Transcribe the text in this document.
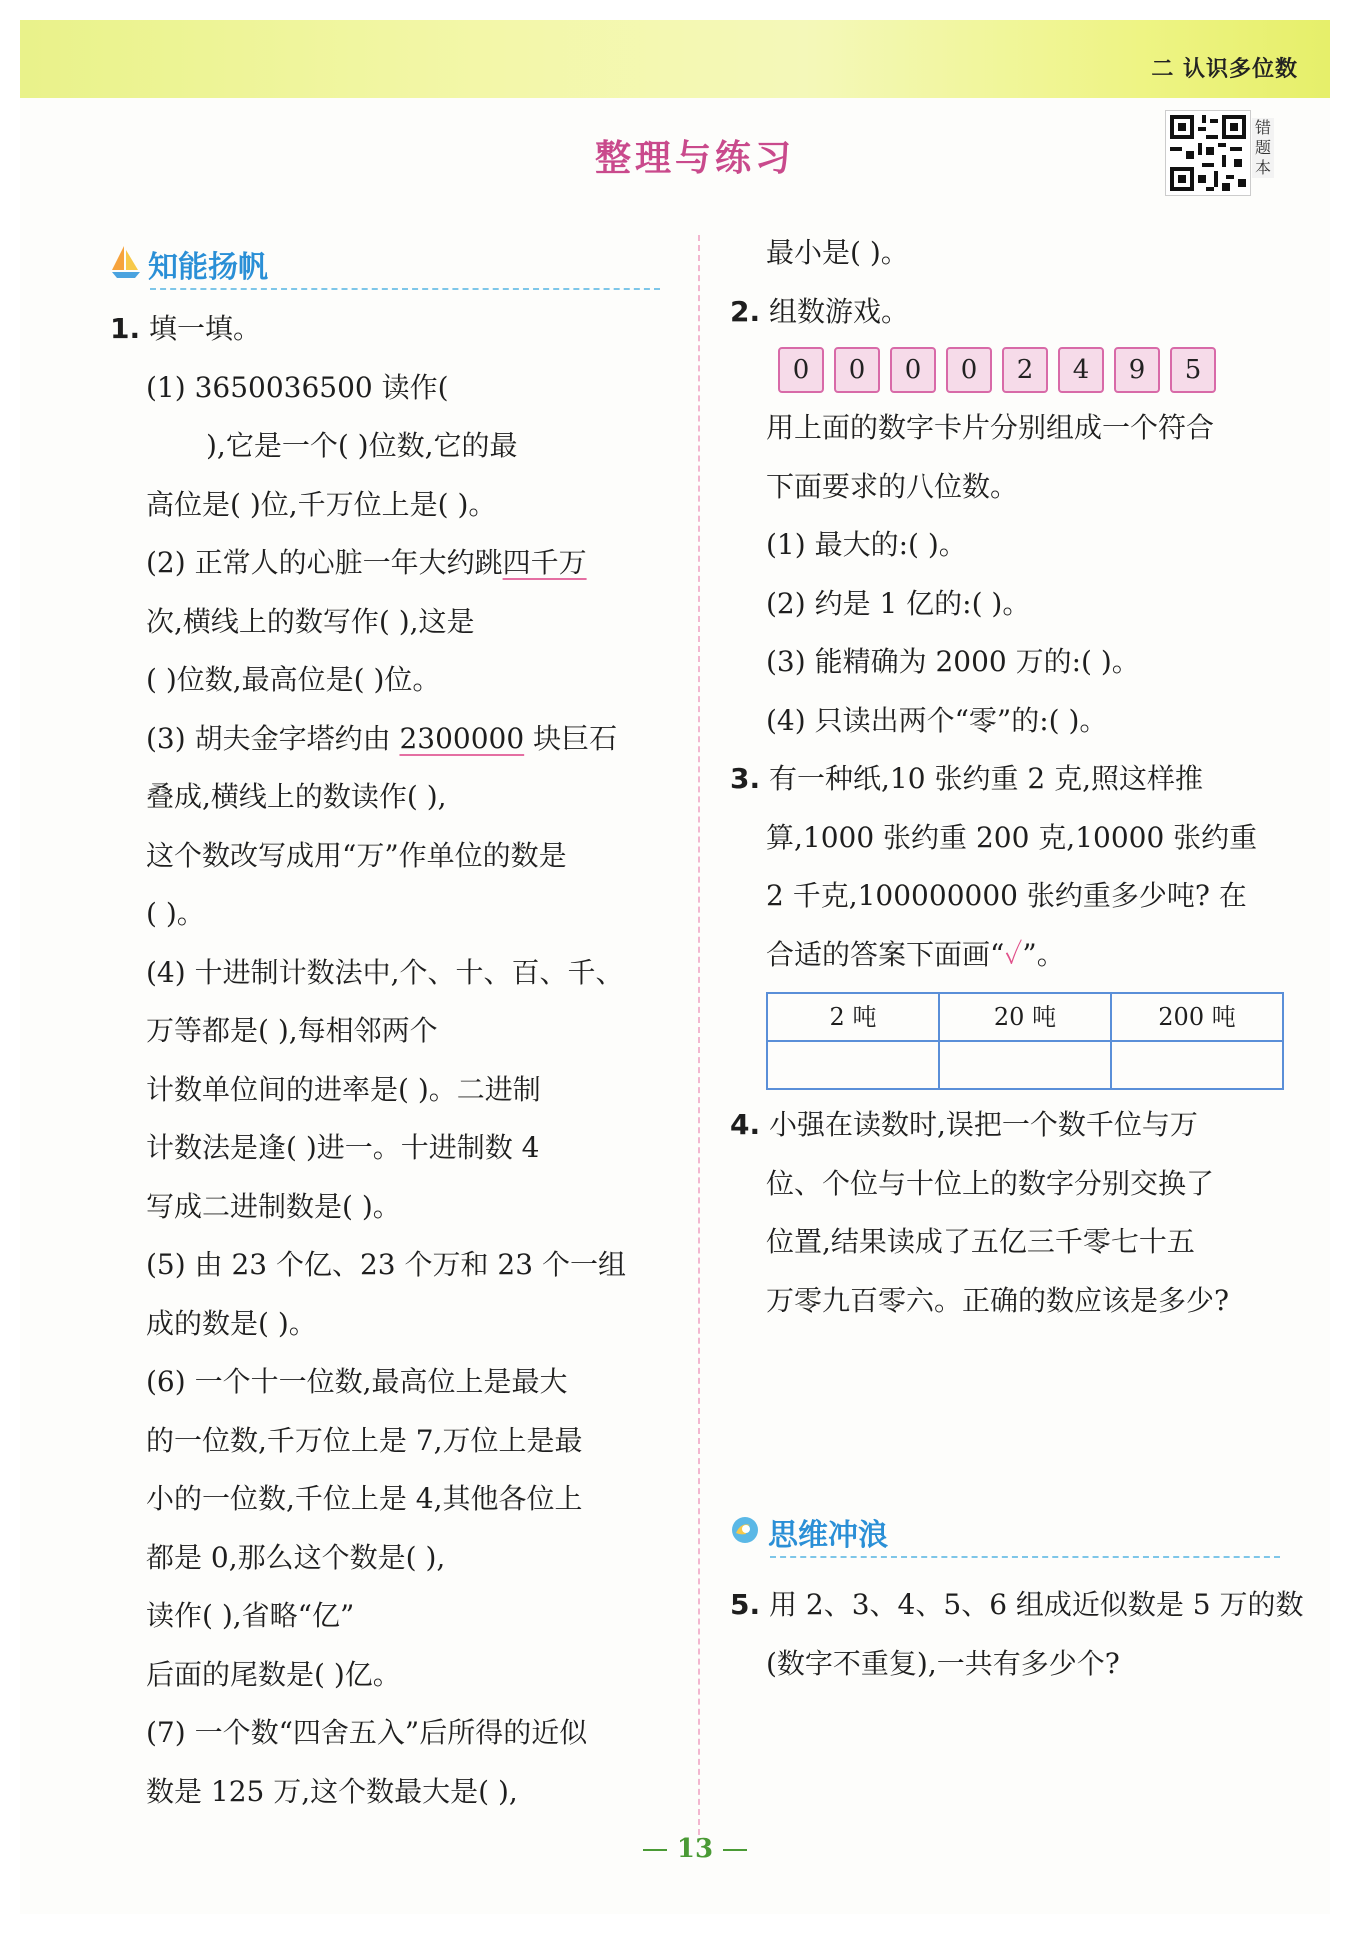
二 认识多位数
整理与练习
错题本
知能扬帆
思维冲浪
1. 填一填。
(1) 3650036500 读作(
),它是一个( )位数,它的最
高位是( )位,千万位上是( )。
(2) 正常人的心脏一年大约跳四千万
次,横线上的数写作( ),这是
( )位数,最高位是( )位。
(3) 胡夫金字塔约由 2300000 块巨石
叠成,横线上的数读作( ),
这个数改写成用“万”作单位的数是
( )。
(4) 十进制计数法中,个、十、百、千、
万等都是( ),每相邻两个
计数单位间的进率是( )。二进制
计数法是逢( )进一。十进制数 4
写成二进制数是( )。
(5) 由 23 个亿、23 个万和 23 个一组
成的数是( )。
(6) 一个十一位数,最高位上是最大
的一位数,千万位上是 7,万位上是最
小的一位数,千位上是 4,其他各位上
都是 0,那么这个数是( ),
读作( ),省略“亿”
后面的尾数是( )亿。
(7) 一个数“四舍五入”后所得的近似
数是 125 万,这个数最大是( ),
最小是( )。
2. 组数游戏。
0	0	0	0	2	4	9	5
用上面的数字卡片分别组成一个符合
下面要求的八位数。
(1) 最大的:( )。
(2) 约是 1 亿的:( )。
(3) 能精确为 2000 万的:( )。
(4) 只读出两个“零”的:( )。
3. 有一种纸,10 张约重 2 克,照这样推
算,1000 张约重 200 克,10000 张约重
2 千克,100000000 张约重多少吨? 在
合适的答案下面画“✓”。
2 吨	20 吨	200 吨

4. 小强在读数时,误把一个数千位与万
位、个位与十位上的数字分别交换了
位置,结果读成了五亿三千零七十五
万零九百零六。正确的数应该是多少?
5. 用 2、3、4、5、6 组成近似数是 5 万的数
(数字不重复),一共有多少个?
13
